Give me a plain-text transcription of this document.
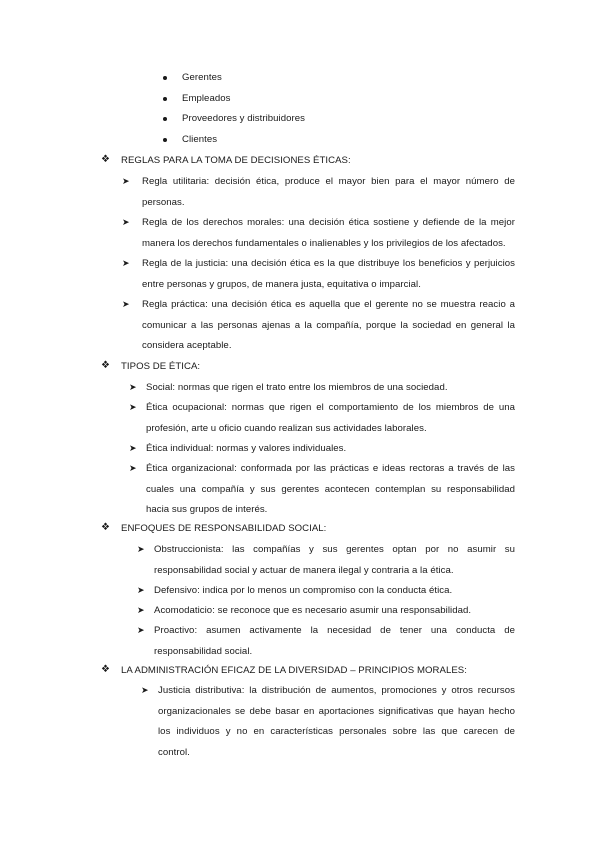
Gerentes
Empleados
Proveedores y distribuidores
Clientes
❖ REGLAS PARA LA TOMA DE DECISIONES ÉTICAS:
➤ Regla utilitaria: decisión ética, produce el mayor bien para el mayor número de
personas.
➤ Regla de los derechos morales: una decisión ética sostiene y defiende de la mejor
manera los derechos fundamentales o inalienables y los privilegios de los afectados.
➤ Regla de la justicia: una decisión ética es la que distribuye los beneficios y perjuicios
entre personas y grupos, de manera justa, equitativa o imparcial.
➤ Regla práctica: una decisión ética es aquella que el gerente no se muestra reacio a
comunicar a las personas ajenas a la compañía, porque la sociedad en general la
considera aceptable.
❖ TIPOS DE ÉTICA:
➤ Social: normas que rigen el trato entre los miembros de una sociedad.
➤ Ética ocupacional: normas que rigen el comportamiento de los miembros de una
profesión, arte u oficio cuando realizan sus actividades laborales.
➤ Ética individual: normas y valores individuales.
➤ Ética organizacional: conformada por las prácticas e ideas rectoras a través de las
cuales una compañía y sus gerentes acontecen contemplan su responsabilidad
hacia sus grupos de interés.
❖ ENFOQUES DE RESPONSABILIDAD SOCIAL:
➤ Obstruccionista: las compañías y sus gerentes optan por no asumir su
responsabilidad social y actuar de manera ilegal y contraria a la ética.
➤ Defensivo: indica por lo menos un compromiso con la conducta ética.
➤ Acomodaticio: se reconoce que es necesario asumir una responsabilidad.
➤ Proactivo: asumen activamente la necesidad de tener una conducta de
responsabilidad social.
❖ LA ADMINISTRACIÓN EFICAZ DE LA DIVERSIDAD – PRINCIPIOS MORALES:
➤ Justicia distributiva: la distribución de aumentos, promociones y otros recursos
organizacionales se debe basar en aportaciones significativas que hayan hecho
los individuos y no en características personales sobre las que carecen de
control.
